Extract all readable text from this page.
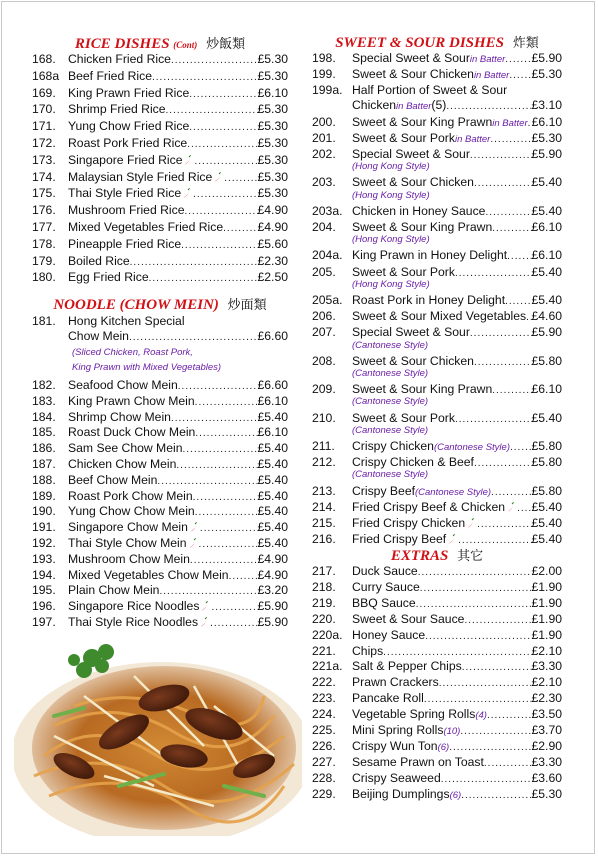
RICE DISHES (Cont) 炒飯類
168. Chicken Fried Rice .....	£5.30
168a Beef Fried Rice .....	£5.30
169. King Prawn Fried Rice .....	£6.10
170. Shrimp Fried Rice .....	£5.30
171. Yung Chow Fried Rice .....	£5.30
172. Roast Pork Fried Rice .....	£5.30
173. Singapore Fried Rice .....	£5.30
174. Malaysian Style Fried Rice .....	£5.30
175. Thai Style Fried Rice .....	£5.30
176. Mushroom Fried Rice .....	£4.90
177. Mixed Vegetables Fried Rice .....	£4.90
178. Pineapple Fried Rice .....	£5.60
179. Boiled Rice .....	£2.30
180. Egg Fried Rice .....	£2.50
NOODLE (CHOW MEIN) 炒面類
181. Hong Kitchen Special
Chow Mein .....	£6.60
(Sliced Chicken, Roast Pork,
King Prawn with Mixed Vegetables)
182. Seafood Chow Mein .....	£6.60
183. King Prawn Chow Mein .....	£6.10
184. Shrimp Chow Mein .....	£5.40
185. Roast Duck Chow Mein .....	£6.10
186. Sam See Chow Mein .....	£5.40
187. Chicken Chow Mein .....	£5.40
188. Beef Chow Mein .....	£5.40
189. Roast Pork Chow Mein .....	£5.40
190. Yung Chow Chow Mein .....	£5.40
191. Singapore Chow Mein .....	£5.40
192. Thai Style Chow Mein .....	£5.40
193. Mushroom Chow Mein .....	£4.90
194. Mixed Vegetables Chow Mein ..... £4.90
195. Plain Chow Mein .....	£3.20
196. Singapore Rice Noodles .....	£5.90
197. Thai Style Rice Noodles .....	£5.90
SWEET & SOUR DISHES 炸類
198. Special Sweet & Sour in Batter ..... £5.90
199. Sweet & Sour Chicken in Batter ..... £5.30
199a. Half Portion of Sweet & Sour
Chicken in Batter (5) .....	£3.10
200. Sweet & Sour King Prawn in Batter ..... £6.10
201. Sweet & Sour Pork in Batter .....	£5.30
202. Special Sweet & Sour .....	£5.90
(Hong Kong Style)
203. Sweet & Sour Chicken .....	£5.40
(Hong Kong Style)
203a. Chicken in Honey Sauce .....	£5.40
204. Sweet & Sour King Prawn .....	£6.10
(Hong Kong Style)
204a. King Prawn in Honey Delight ..... £6.10
205. Sweet & Sour Pork .....	£5.40
(Hong Kong Style)
205a. Roast Pork in Honey Delight ..... £5.40
206. Sweet & Sour Mixed Vegetables ..... £4.60
207. Special Sweet & Sour .....	£5.90
(Cantonese Style)
208. Sweet & Sour Chicken .....	£5.80
(Cantonese Style)
209. Sweet & Sour King Prawn .....	£6.10
(Cantonese Style)
210. Sweet & Sour Pork .....	£5.40
(Cantonese Style)
211. Crispy Chicken (Cantonese Style) ..... £5.80
212. Crispy Chicken & Beef .....	£5.80
(Cantonese Style)
213. Crispy Beef (Cantonese Style) .....	£5.80
214. Fried Crispy Beef & Chicken ..... £5.40
215. Fried Crispy Chicken .....	£5.40
216. Fried Crispy Beef .....	£5.40
EXTRAS 其它
217. Duck Sauce .....	£2.00
218. Curry Sauce .....	£1.90
219. BBQ Sauce .....	£1.90
220. Sweet & Sour Sauce .....	£1.90
220a. Honey Sauce .....	£1.90
221. Chips .....	£2.10
221a. Salt & Pepper Chips .....	£3.30
222. Prawn Crackers .....	£2.10
223. Pancake Roll .....	£2.30
224. Vegetable Spring Rolls (4) .....	£3.50
225. Mini Spring Rolls (10) .....	£3.70
226. Crispy Wun Ton (6) .....	£2.90
227. Sesame Prawn on Toast .....	£3.30
228. Crispy Seaweed .....	£3.60
229. Beijing Dumplings (6) .....	£5.30
